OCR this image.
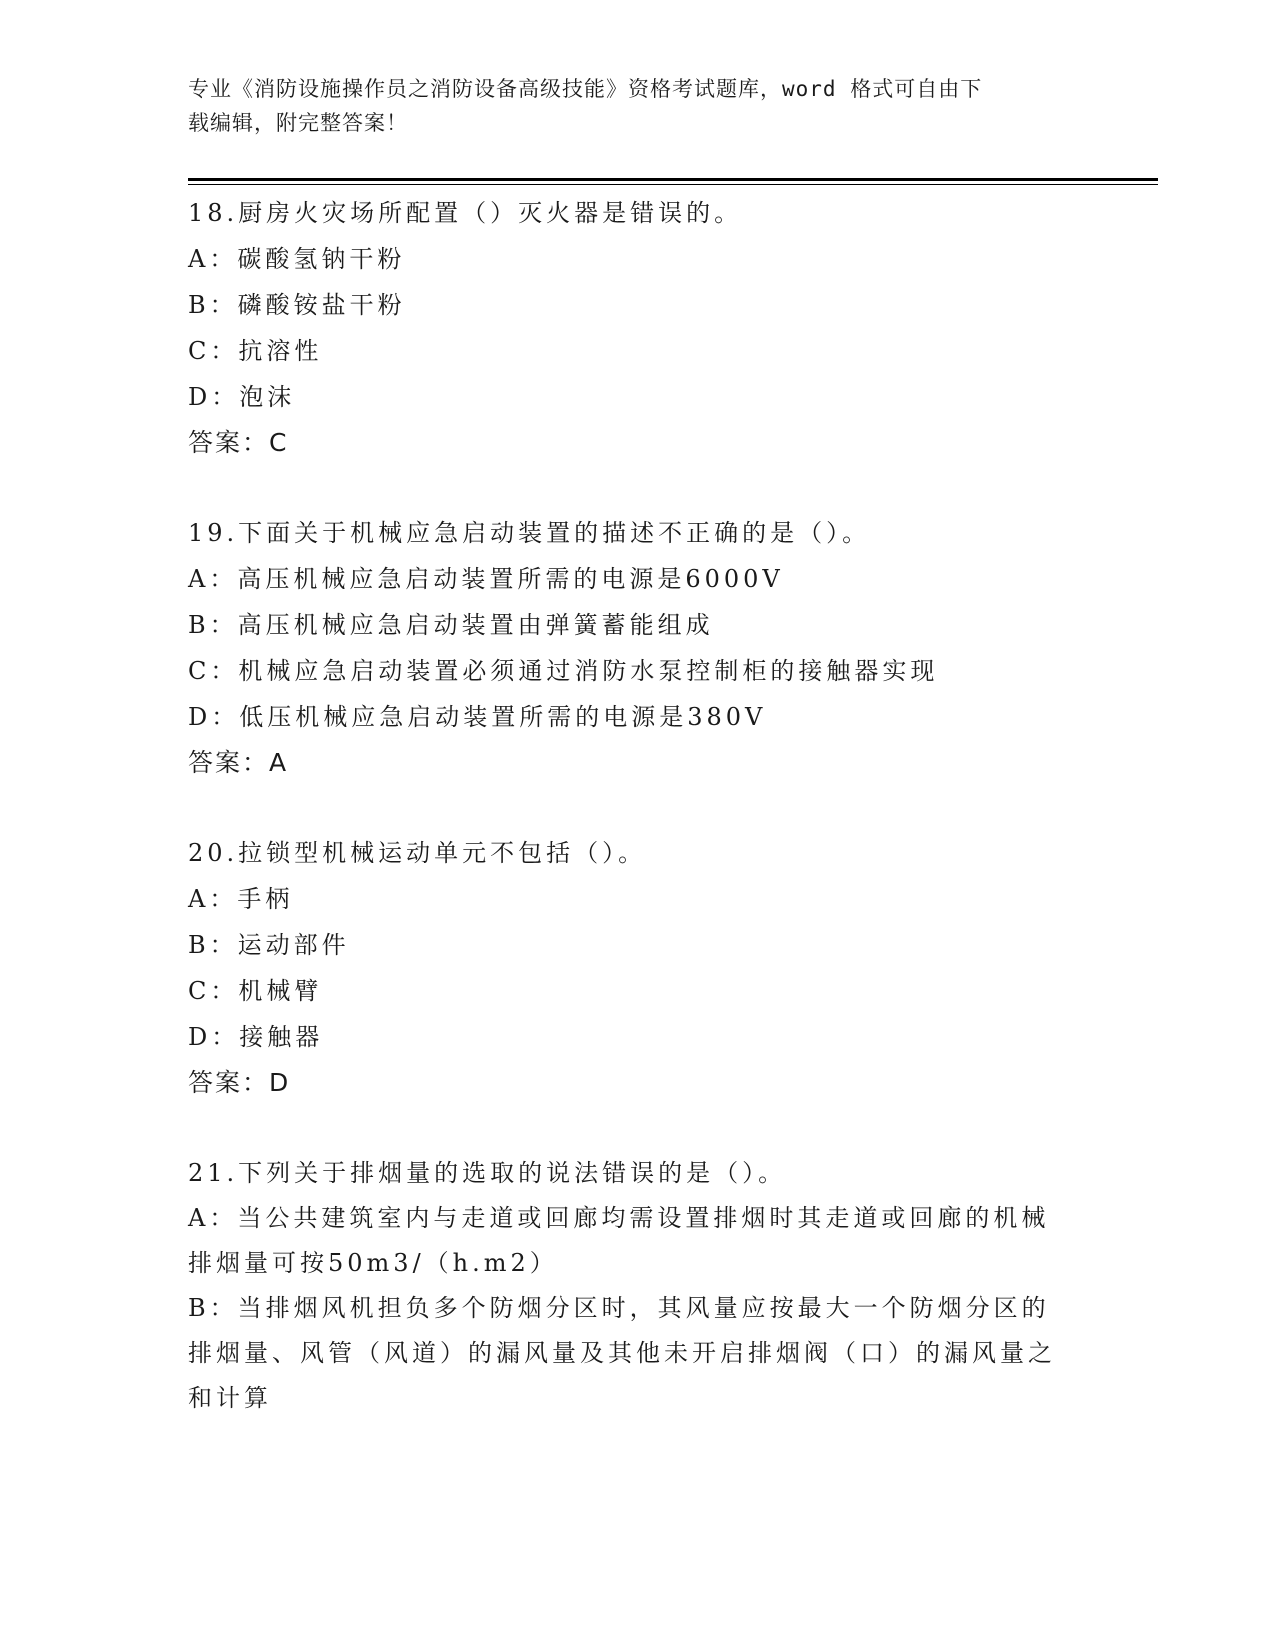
专业《消防设施操作员之消防设备高级技能》资格考试题库，word 格式可自由下
载编辑，附完整答案！
18.厨房火灾场所配置（）灭火器是错误的。
A：碳酸氢钠干粉
B：磷酸铵盐干粉
C：抗溶性
D：泡沫
答案：C
19.下面关于机械应急启动装置的描述不正确的是（）。
A：高压机械应急启动装置所需的电源是6000V
B：高压机械应急启动装置由弹簧蓄能组成
C：机械应急启动装置必须通过消防水泵控制柜的接触器实现
D：低压机械应急启动装置所需的电源是380V
答案：A
20.拉锁型机械运动单元不包括（）。
A：手柄
B：运动部件
C：机械臂
D：接触器
答案：D
21.下列关于排烟量的选取的说法错误的是（）。
A：当公共建筑室内与走道或回廊均需设置排烟时其走道或回廊的机械排烟量可按50m3/（h.m2）
B：当排烟风机担负多个防烟分区时，其风量应按最大一个防烟分区的排烟量、风管（风道）的漏风量及其他未开启排烟阀（口）的漏风量之和计算
